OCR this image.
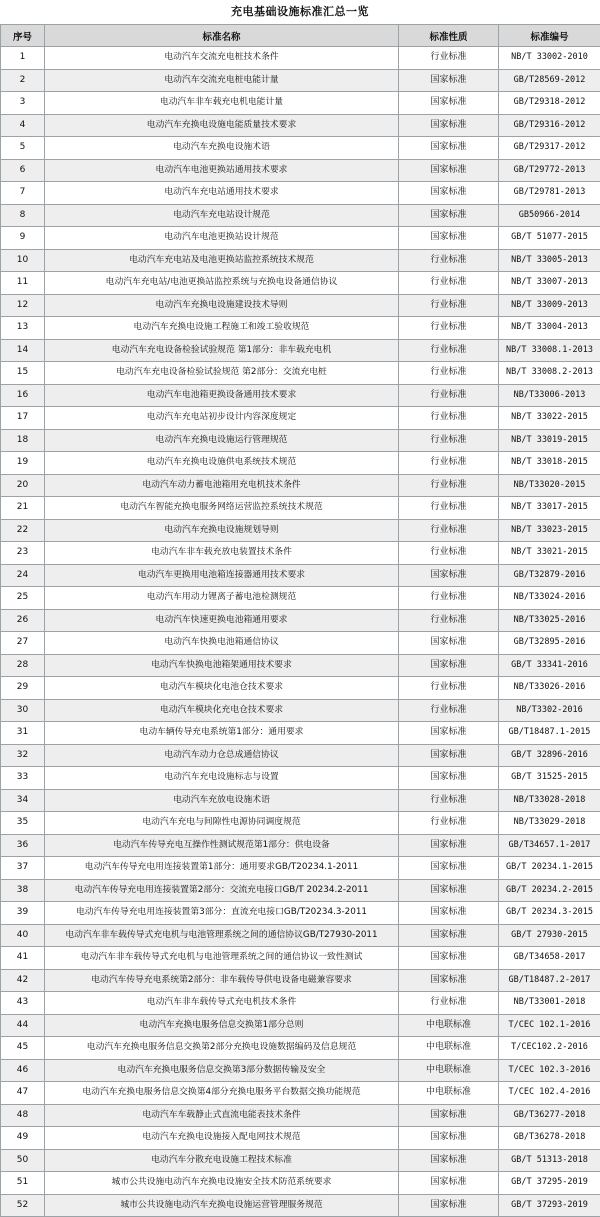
充电基础设施标准汇总一览
序号	标准名称	标准性质	标准编号
1	电动汽车交流充电桩技术条件	行业标准	NB/T 33002-2010
2	电动汽车交流充电桩电能计量	国家标准	GB/T28569-2012
3	电动汽车非车载充电机电能计量	国家标准	GB/T29318-2012
4	电动汽车充换电设施电能质量技术要求	国家标准	GB/T29316-2012
5	电动汽车充换电设施术语	国家标准	GB/T29317-2012
6	电动汽车电池更换站通用技术要求	国家标准	GB/T29772-2013
7	电动汽车充电站通用技术要求	国家标准	GB/T29781-2013
8	电动汽车充电站设计规范	国家标准	GB50966-2014
9	电动汽车电池更换站设计规范	国家标准	GB/T 51077-2015
10	电动汽车充电站及电池更换站监控系统技术规范	行业标准	NB/T 33005-2013
11	电动汽车充电站/电池更换站监控系统与充换电设备通信协议	行业标准	NB/T 33007-2013
12	电动汽车充换电设施建设技术导则	行业标准	NB/T 33009-2013
13	电动汽车充换电设施工程施工和竣工验收规范	行业标准	NB/T 33004-2013
14	电动汽车充电设备检验试验规范 第1部分：非车载充电机	行业标准	NB/T 33008.1-2013
15	电动汽车充电设备检验试验规范 第2部分：交流充电桩	行业标准	NB/T 33008.2-2013
16	电动汽车电池箱更换设备通用技术要求	行业标准	NB/T33006-2013
17	电动汽车充电站初步设计内容深度规定	行业标准	NB/T 33022-2015
18	电动汽车充换电设施运行管理规范	行业标准	NB/T 33019-2015
19	电动汽车充换电设施供电系统技术规范	行业标准	NB/T 33018-2015
20	电动汽车动力蓄电池箱用充电机技术条件	行业标准	NB/T33020-2015
21	电动汽车智能充换电服务网络运营监控系统技术规范	行业标准	NB/T 33017-2015
22	电动汽车充换电设施规划导则	行业标准	NB/T 33023-2015
23	电动汽车非车载充放电装置技术条件	行业标准	NB/T 33021-2015
24	电动汽车更换用电池箱连接器通用技术要求	国家标准	GB/T32879-2016
25	电动汽车用动力锂离子蓄电池检测规范	行业标准	NB/T33024-2016
26	电动汽车快速更换电池箱通用要求	行业标准	NB/T33025-2016
27	电动汽车快换电池箱通信协议	国家标准	GB/T32895-2016
28	电动汽车快换电池箱架通用技术要求	国家标准	GB/T 33341-2016
29	电动汽车模块化电池仓技术要求	行业标准	NB/T33026-2016
30	电动汽车模块化充电仓技术要求	行业标准	NB/T3302-2016
31	电动车辆传导充电系统第1部分：通用要求	国家标准	GB/T18487.1-2015
32	电动汽车动力仓总成通信协议	国家标准	GB/T 32896-2016
33	电动汽车充电设施标志与设置	国家标准	GB/T 31525-2015
34	电动汽车充放电设施术语	行业标准	NB/T33028-2018
35	电动汽车充电与间隙性电源协同调度规范	行业标准	NB/T33029-2018
36	电动汽车传导充电互操作性测试规范第1部分：供电设备	国家标准	GB/T34657.1-2017
37	电动汽车传导充电用连接装置第1部分：通用要求GB/T20234.1-2011	国家标准	GB/T 20234.1-2015
38	电动汽车传导充电用连接装置第2部分：交流充电接口GB/T 20234.2-2011	国家标准	GB/T 20234.2-2015
39	电动汽车传导充电用连接装置第3部分：直流充电接口GB/T20234.3-2011	国家标准	GB/T 20234.3-2015
40	电动汽车非车载传导式充电机与电池管理系统之间的通信协议GB/T27930-2011	国家标准	GB/T 27930-2015
41	电动汽车非车载传导式充电机与电池管理系统之间的通信协议一致性测试	国家标准	GB/T34658-2017
42	电动汽车传导充电系统第2部分：非车载传导供电设备电磁兼容要求	国家标准	GB/T18487.2-2017
43	电动汽车非车载传导式充电机技术条件	行业标准	NB/T33001-2018
44	电动汽车充换电服务信息交换第1部分总则	中电联标准	T/CEC 102.1-2016
45	电动汽车充换电服务信息交换第2部分充换电设施数据编码及信息规范	中电联标准	T/CEC102.2-2016
46	电动汽车充换电服务信息交换第3部分数据传输及安全	中电联标准	T/CEC 102.3-2016
47	电动汽车充换电服务信息交换第4部分充换电服务平台数据交换功能规范	中电联标准	T/CEC 102.4-2016
48	电动汽车车载静止式直流电能表技术条件	国家标准	GB/T36277-2018
49	电动汽车充换电设施接入配电网技术规范	国家标准	GB/T36278-2018
50	电动汽车分散充电设施工程技术标准	国家标准	GB/T 51313-2018
51	城市公共设施电动汽车充换电设施安全技术防范系统要求	国家标准	GB/T 37295-2019
52	城市公共设施电动汽车充换电设施运营管理服务规范	国家标准	GB/T 37293-2019
